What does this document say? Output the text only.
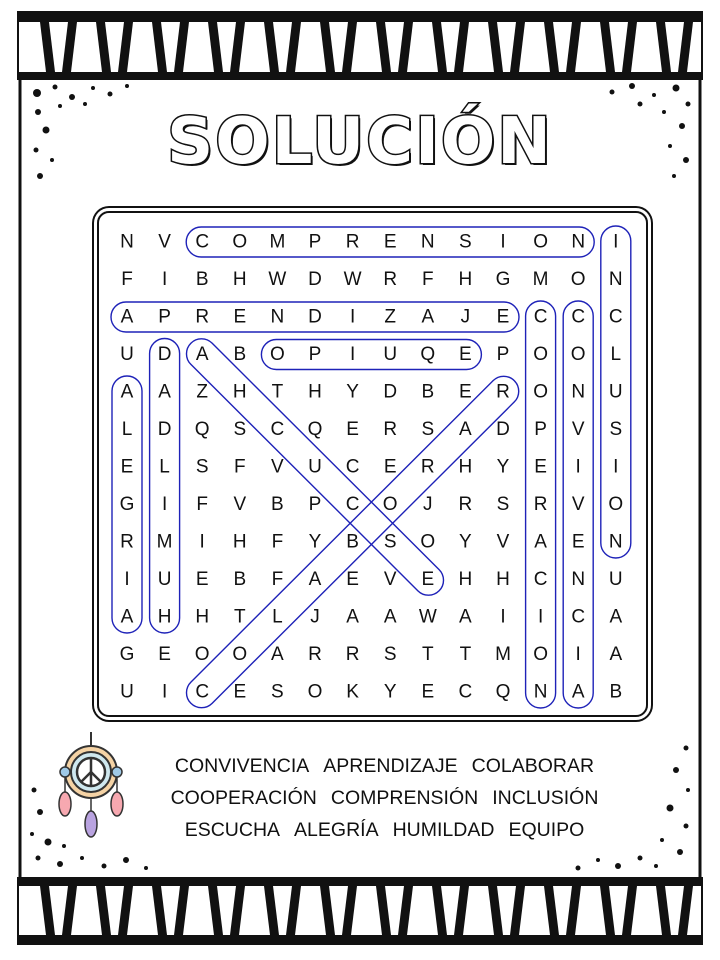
SOLUCIÓN
N V C O M P R E N S I O N I
F I B H W D W R F H G M O N
A P R E N D I Z A J E C C C
U D A B O P I U Q E P O O L
A A Z H T H Y D B E R O N U
L D Q S C Q E R S A D P V S
E L S F V U C E R H Y E I I
G I F V B P C O J R S R V O
R M I H F Y B S O Y V A E N
I U E B F A E V E H H C N U
A H H T L J A A W A I I C A
G E O O A R R S T T M O I A
U I C E S O K Y E C Q N A B
CONVIVENCIA APRENDIZAJE COLABORAR
COOPERACIÓN COMPRENSIÓN INCLUSIÓN
ESCUCHA ALEGRÍA HUMILDAD EQUIPO
